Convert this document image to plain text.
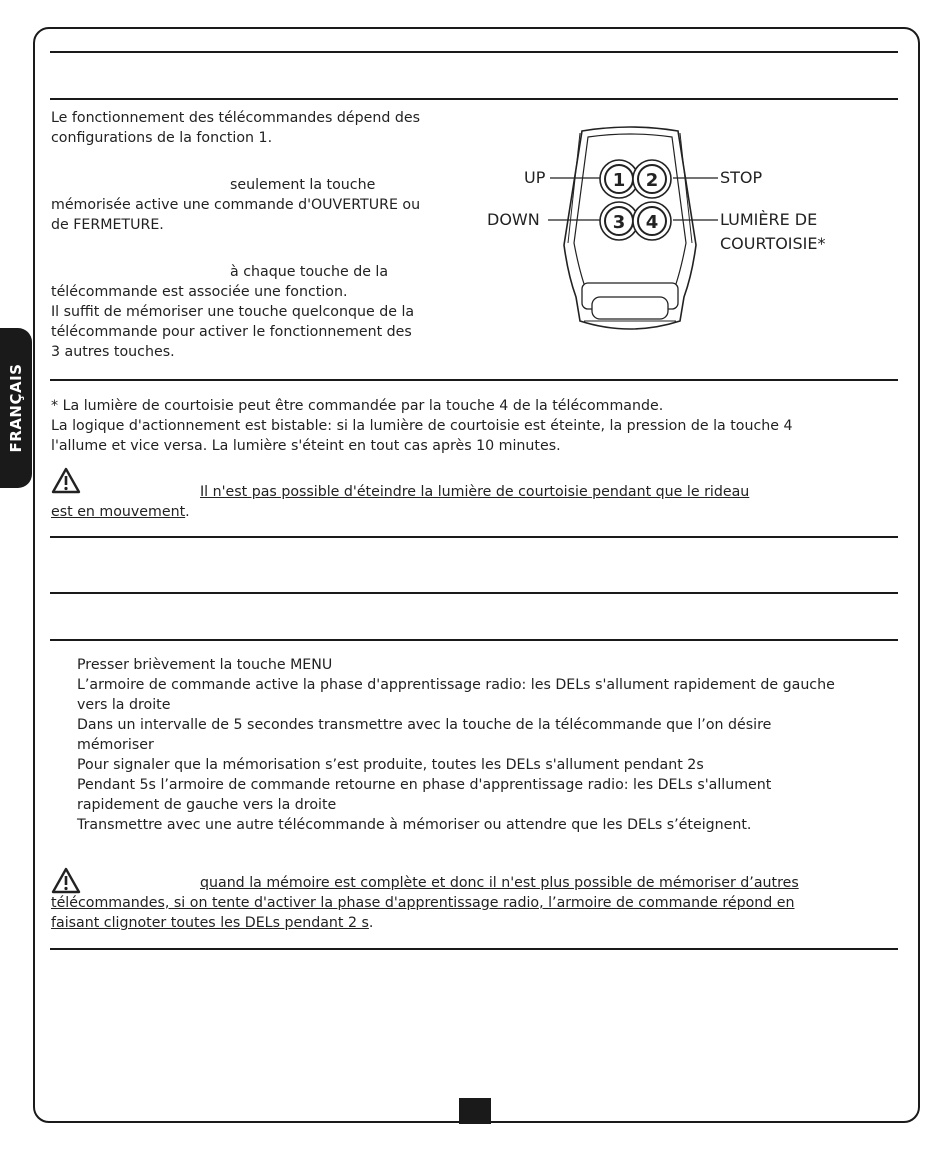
FRANÇAIS
Le fonctionnement des télécommandes dépend des
configurations de la fonction 1.
seulement la touche
mémorisée active une commande d'OUVERTURE ou
de FERMETURE.
à chaque touche de la
télécommande est associée une fonction.
Il suffit de mémoriser une touche quelconque de la
télécommande pour activer le fonctionnement des
3 autres touches.
1 2
3 4
UP	STOP
DOWN	LUMIÈRE DE
COURTOISIE*
* La lumière de courtoisie peut être commandée par la touche 4 de la télécommande.
La logique d'actionnement est bistable: si la lumière de courtoisie est éteinte, la pression de la touche 4
l'allume et vice versa. La lumière s'éteint en tout cas après 10 minutes.
Il n'est pas possible d'éteindre la lumière de courtoisie pendant que le rideau
est en mouvement.
Presser brièvement la touche MENU
L’armoire de commande active la phase d'apprentissage radio: les DELs s'allument rapidement de gauche
vers la droite
Dans un intervalle de 5 secondes transmettre avec la touche de la télécommande que l’on désire
mémoriser
Pour signaler que la mémorisation s’est produite, toutes les DELs s'allument pendant 2s
Pendant 5s l’armoire de commande retourne en phase d'apprentissage radio: les DELs s'allument
rapidement de gauche vers la droite
Transmettre avec une autre télécommande à mémoriser ou attendre que les DELs s’éteignent.
quand la mémoire est complète et donc il n'est plus possible de mémoriser d’autres
télécommandes, si on tente d'activer la phase d'apprentissage radio, l’armoire de commande répond en
faisant clignoter toutes les DELs pendant 2 s.
